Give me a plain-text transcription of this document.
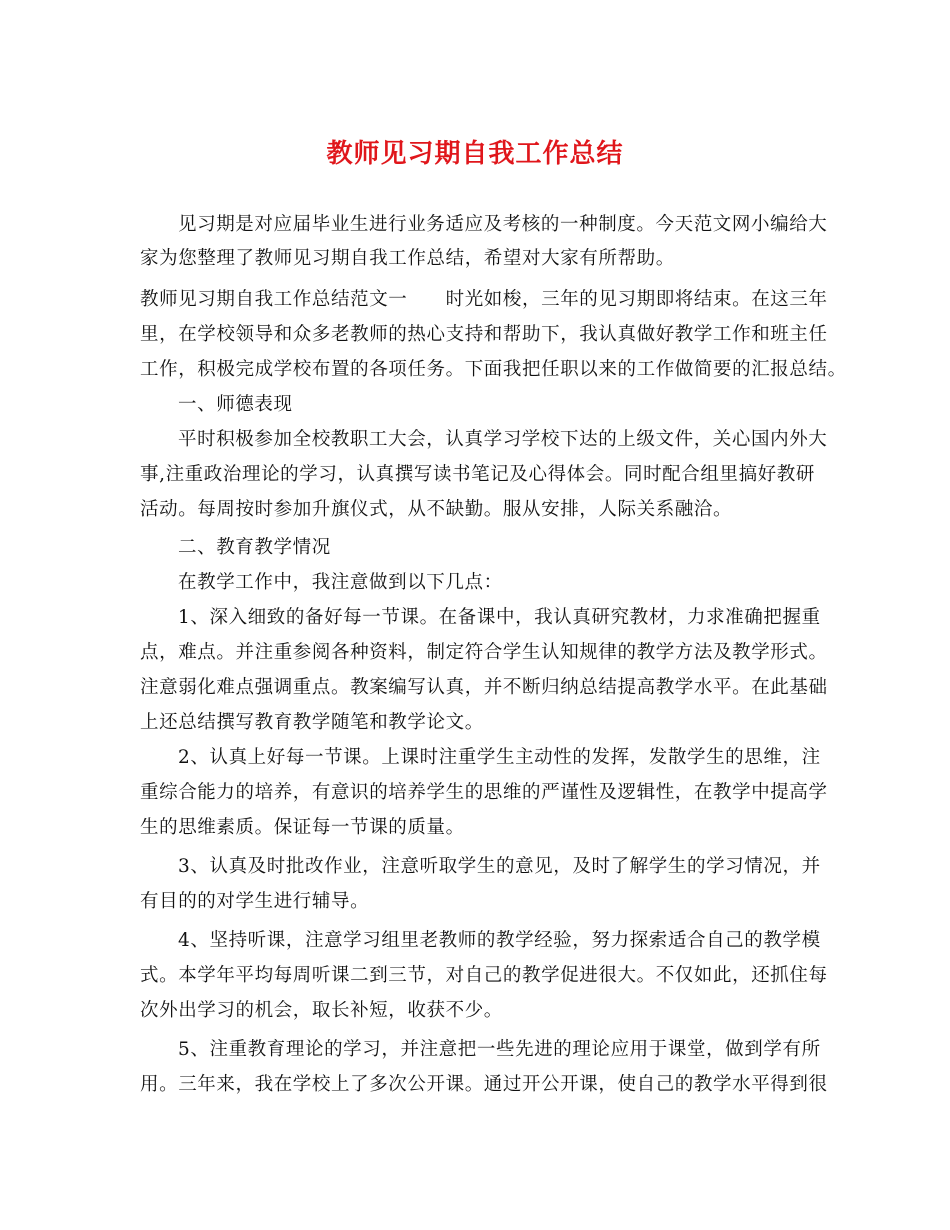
教师见习期自我工作总结
见习期是对应届毕业生进行业务适应及考核的一种制度。今天范文网小编给大
家为您整理了教师见习期自我工作总结，希望对大家有所帮助。
教师见习期自我工作总结范文一　　时光如梭，三年的见习期即将结束。在这三年
里，在学校领导和众多老教师的热心支持和帮助下，我认真做好教学工作和班主任
工作，积极完成学校布置的各项任务。下面我把任职以来的工作做简要的汇报总结。
一、师德表现
平时积极参加全校教职工大会，认真学习学校下达的上级文件，关心国内外大
事,注重政治理论的学习，认真撰写读书笔记及心得体会。同时配合组里搞好教研
活动。每周按时参加升旗仪式，从不缺勤。服从安排，人际关系融洽。
二、教育教学情况
在教学工作中，我注意做到以下几点：
1、深入细致的备好每一节课。在备课中，我认真研究教材，力求准确把握重
点，难点。并注重参阅各种资料，制定符合学生认知规律的教学方法及教学形式。
注意弱化难点强调重点。教案编写认真，并不断归纳总结提高教学水平。在此基础
上还总结撰写教育教学随笔和教学论文。
2、认真上好每一节课。上课时注重学生主动性的发挥，发散学生的思维，注
重综合能力的培养，有意识的培养学生的思维的严谨性及逻辑性，在教学中提高学
生的思维素质。保证每一节课的质量。
3、认真及时批改作业，注意听取学生的意见，及时了解学生的学习情况，并
有目的的对学生进行辅导。
4、坚持听课，注意学习组里老教师的教学经验，努力探索适合自己的教学模
式。本学年平均每周听课二到三节，对自己的教学促进很大。不仅如此，还抓住每
次外出学习的机会，取长补短，收获不少。
5、注重教育理论的学习，并注意把一些先进的理论应用于课堂，做到学有所
用。三年来，我在学校上了多次公开课。通过开公开课，使自己的教学水平得到很
